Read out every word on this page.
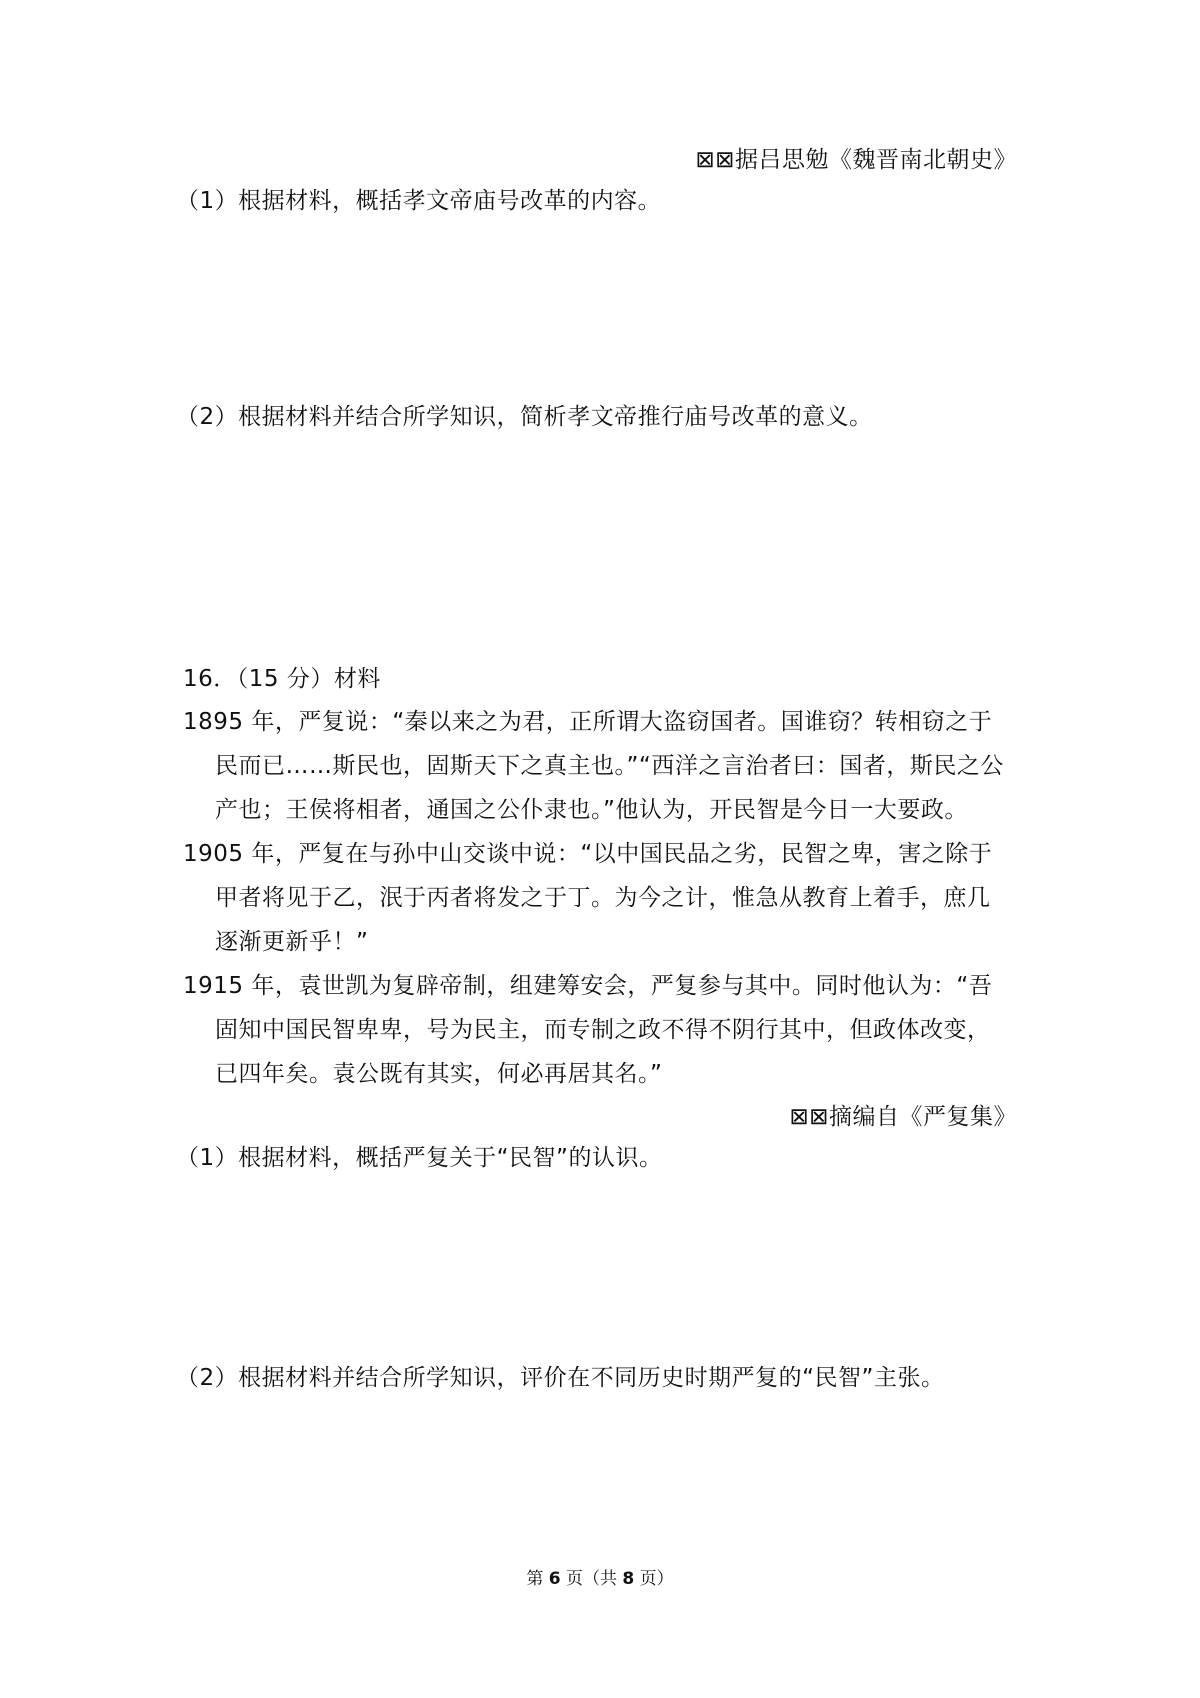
⊠⊠据吕思勉《魏晋南北朝史》
（1）根据材料，概括孝文帝庙号改革的内容。
（2）根据材料并结合所学知识，简析孝文帝推行庙号改革的意义。
16．（15 分）材料
1895 年，严复说：“秦以来之为君，正所谓大盗窃国者。国谁窃？转相窃之于
民而已……斯民也，固斯天下之真主也。”“西洋之言治者曰：国者，斯民之公
产也；王侯将相者，通国之公仆隶也。”他认为，开民智是今日一大要政。
1905 年，严复在与孙中山交谈中说：“以中国民品之劣，民智之卑，害之除于
甲者将见于乙，泯于丙者将发之于丁。为今之计，惟急从教育上着手，庶几
逐渐更新乎！”
1915 年，袁世凯为复辟帝制，组建筹安会，严复参与其中。同时他认为：“吾
固知中国民智卑卑，号为民主，而专制之政不得不阴行其中，但政体改变，
已四年矣。袁公既有其实，何必再居其名。”
⊠⊠摘编自《严复集》
（1）根据材料，概括严复关于“民智”的认识。
（2）根据材料并结合所学知识，评价在不同历史时期严复的“民智”主张。
第 6 页（共 8 页）
